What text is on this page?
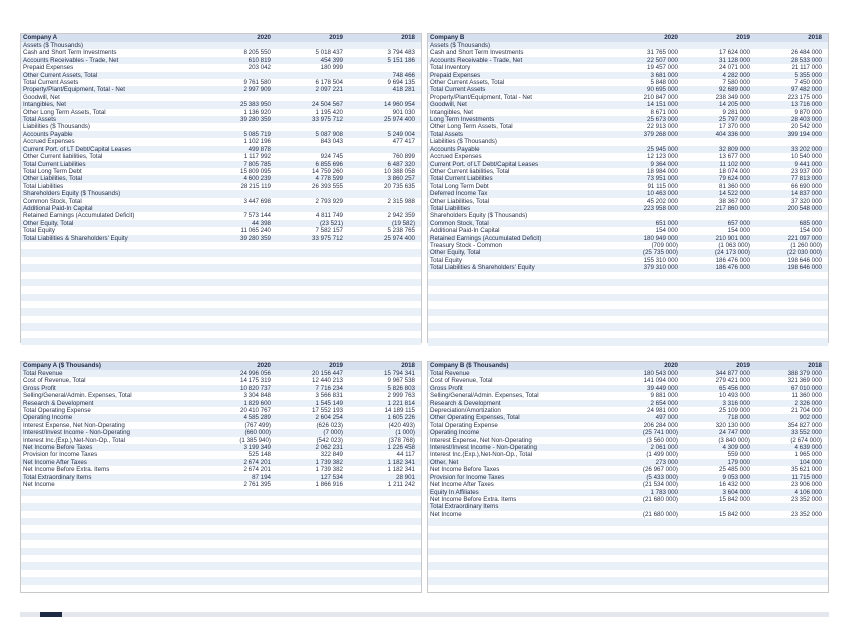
Company A	2020	2019	2018
Assets ($ Thousands)			
Cash and Short Term Investments	8 205 550	5 018 437	3 794 483
Accounts Receivables - Trade, Net	610 819	454 399	5 151 186
Prepaid Expenses	203 042	180 999	
Other Current Assets, Total			748 466
Total Current Assets	9 761 580	6 178 504	9 694 135
Property/Plant/Equipment, Total - Net	2 997 909	2 097 221	418 281
Goodwill, Net			
Intangibles, Net	25 383 950	24 504 567	14 960 954
Other Long Term Assets, Total	1 136 920	1 195 420	901 030
Total Assets	39 280 359	33 975 712	25 974 400
Liabilities ($ Thousands)			
Accounts Payable	5 085 719	5 087 908	5 249 004
Accrued Expenses	1 102 196	843 043	477 417
Current Port. of LT Debt/Capital Leases	499 878		
Other Current liabilities, Total	1 117 992	924 745	760 899
Total Current Liabilities	7 805 785	6 855 696	6 487 320
Total Long Term Debt	15 809 095	14 759 260	10 388 058
Other Liabilities, Total	4 600 239	4 778 599	3 860 257
Total Liabilities	28 215 119	26 393 555	20 735 635
Shareholders Equity ($ Thousands)			
Common Stock, Total	3 447 698	2 793 929	2 315 988
Additional Paid-In Capital			
Retained Earnings (Accumulated Deficit)	7 573 144	4 811 749	2 942 359
Other Equity, Total	44 398	(23 521)	(19 582)
Total Equity	11 065 240	7 582 157	5 238 765
Total Liabilities & Shareholders' Equity	39 280 359	33 975 712	25 974 400

Company B	2020	2019	2018
Assets ($ Thousands)			
Cash and Short Term Investments	31 765 000	17 624 000	26 484 000
Accounts Receivable - Trade, Net	22 507 000	31 128 000	28 533 000
Total Inventory	19 457 000	24 071 000	21 117 000
Prepaid Expenses	3 681 000	4 282 000	5 355 000
Other Current Assets, Total	5 848 000	7 580 000	7 450 000
Total Current Assets	90 695 000	92 689 000	97 482 000
Property/Plant/Equipment, Total - Net	210 847 000	238 349 000	223 175 000
Goodwill, Net	14 151 000	14 205 000	13 716 000
Intangibles, Net	8 671 000	9 281 000	9 870 000
Long Term Investments	25 673 000	25 797 000	28 403 000
Other Long Term Assets, Total	22 913 000	17 370 000	20 542 000
Total Assets	379 268 000	404 336 000	399 194 000
Liabilities ($ Thousands)			
Accounts Payable	25 945 000	32 809 000	33 202 000
Accrued Expenses	12 123 000	13 677 000	10 540 000
Current Port. of LT Debt/Capital Leases	9 364 000	11 102 000	9 441 000
Other Current liabilities, Total	18 984 000	18 074 000	23 937 000
Total Current Liabilities	73 951 000	79 624 000	77 813 000
Total Long Term Debt	91 115 000	81 360 000	66 690 000
Deferred Income Tax	10 463 000	14 522 000	14 837 000
Other Liabilities, Total	45 202 000	38 367 000	37 320 000
Total Liabilities	223 958 000	217 860 000	200 548 000
Shareholders Equity ($ Thousands)			
Common Stock, Total	651 000	657 000	685 000
Additional Paid-In Capital	154 000	154 000	154 000
Retained Earnings (Accumulated Deficit)	180 949 000	210 901 000	221 097 000
Treasury Stock - Common	(709 000)	(1 063 000)	(1 260 000)
Other Equity, Total	(25 735 000)	(24 173 000)	(22 030 000)
Total Equity	155 310 000	186 476 000	198 646 000
Total Liabilities & Shareholders' Equity	379 310 000	186 476 000	198 646 000

Company A ($ Thousands)	2020	2019	2018
Total Revenue	24 996 056	20 156 447	15 794 341
Cost of Revenue, Total	14 175 319	12 440 213	9 967 538
Gross Profit	10 820 737	7 716 234	5 826 803
Selling/General/Admin. Expenses, Total	3 304 848	3 566 831	2 999 763
Research & Development	1 829 600	1 545 149	1 221 814
Total Operating Expense	20 410 767	17 552 193	14 189 115
Operating Income	4 585 289	2 604 254	1 605 226
Interest Expense, Net Non-Operating	(767 499)	(626 023)	(420 493)
Interest/Invest Income - Non-Operating	(660 000)	(7 000)	(1 000)
Interest Inc.(Exp.),Net-Non-Op., Total	(1 385 940)	(542 023)	(378 768)
Net Income Before Taxes	3 199 349	2 062 231	1 226 458
Provision for Income Taxes	525 148	322 849	44 117
Net Income After Taxes	2 674 201	1 739 382	1 182 341
Net Income Before Extra. Items	2 674 201	1 739 382	1 182 341
Total Extraordinary Items	87 194	127 534	28 901
Net Income	2 761 395	1 866 916	1 211 242

Company B ($ Thousands)	2020	2019	2018
Total Revenue	180 543 000	344 877 000	388 379 000
Cost of Revenue, Total	141 094 000	279 421 000	321 369 000
Gross Profit	39 449 000	65 456 000	67 010 000
Selling/General/Admin. Expenses, Total	9 881 000	10 493 000	11 360 000
Research & Development	2 654 000	3 316 000	2 326 000
Depreciation/Amortization	24 981 000	25 109 000	21 704 000
Other Operating Expenses, Total	497 000	718 000	902 000
Total Operating Expense	206 284 000	320 130 000	354 827 000
Operating Income	(25 741 000)	24 747 000	33 552 000
Interest Expense, Net Non-Operating	(3 560 000)	(3 840 000)	(2 674 000)
Interest/Invest Income - Non-Operating	2 061 000	4 309 000	4 639 000
Interest Inc.(Exp.),Net-Non-Op., Total	(1 499 000)	559 000	1 965 000
Other, Net	273 000	179 000	104 000
Net Income Before Taxes	(26 967 000)	25 485 000	35 621 000
Provision for Income Taxes	(5 433 000)	9 053 000	11 715 000
Net Income After Taxes	(21 534 000)	16 432 000	23 906 000
Equity In Affiliates	1 783 000	3 604 000	4 106 000
Net Income Before Extra. Items	(21 680 000)	15 842 000	23 352 000
Total Extraordinary Items			
Net Income	(21 680 000)	15 842 000	23 352 000
